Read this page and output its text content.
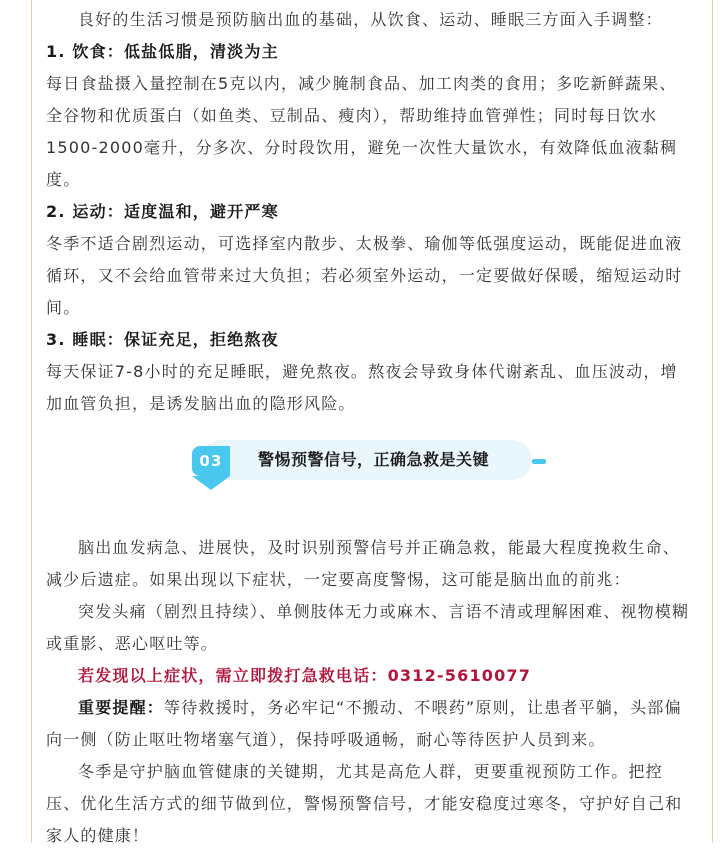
良好的生活习惯是预防脑出血的基础，从饮食、运动、睡眠三方面入手调整：

1. 饮食：低盐低脂，清淡为主

每日食盐摄入量控制在5克以内，减少腌制食品、加工肉类的食用；多吃新鲜蔬果、全谷物和优质蛋白（如鱼类、豆制品、瘦肉），帮助维持血管弹性；同时每日饮水1500-2000毫升，分多次、分时段饮用，避免一次性大量饮水，有效降低血液黏稠度。

2. 运动：适度温和，避开严寒

冬季不适合剧烈运动，可选择室内散步、太极拳、瑜伽等低强度运动，既能促进血液循环，又不会给血管带来过大负担；若必须室外运动，一定要做好保暖，缩短运动时间。

3. 睡眠：保证充足，拒绝熬夜

每天保证7-8小时的充足睡眠，避免熬夜。熬夜会导致身体代谢紊乱、血压波动，增加血管负担，是诱发脑出血的隐形风险。

03	警惕预警信号，正确急救是关键

脑出血发病急、进展快，及时识别预警信号并正确急救，能最大程度挽救生命、减少后遗症。如果出现以下症状，一定要高度警惕，这可能是脑出血的前兆：

突发头痛（剧烈且持续）、单侧肢体无力或麻木、言语不清或理解困难、视物模糊或重影、恶心呕吐等。

若发现以上症状，需立即拨打急救电话：0312-5610077

重要提醒：等待救援时，务必牢记“不搬动、不喂药”原则，让患者平躺，头部偏向一侧（防止呕吐物堵塞气道），保持呼吸通畅，耐心等待医护人员到来。

冬季是守护脑血管健康的关键期，尤其是高危人群，更要重视预防工作。把控压、优化生活方式的细节做到位，警惕预警信号，才能安稳度过寒冬，守护好自己和家人的健康！
